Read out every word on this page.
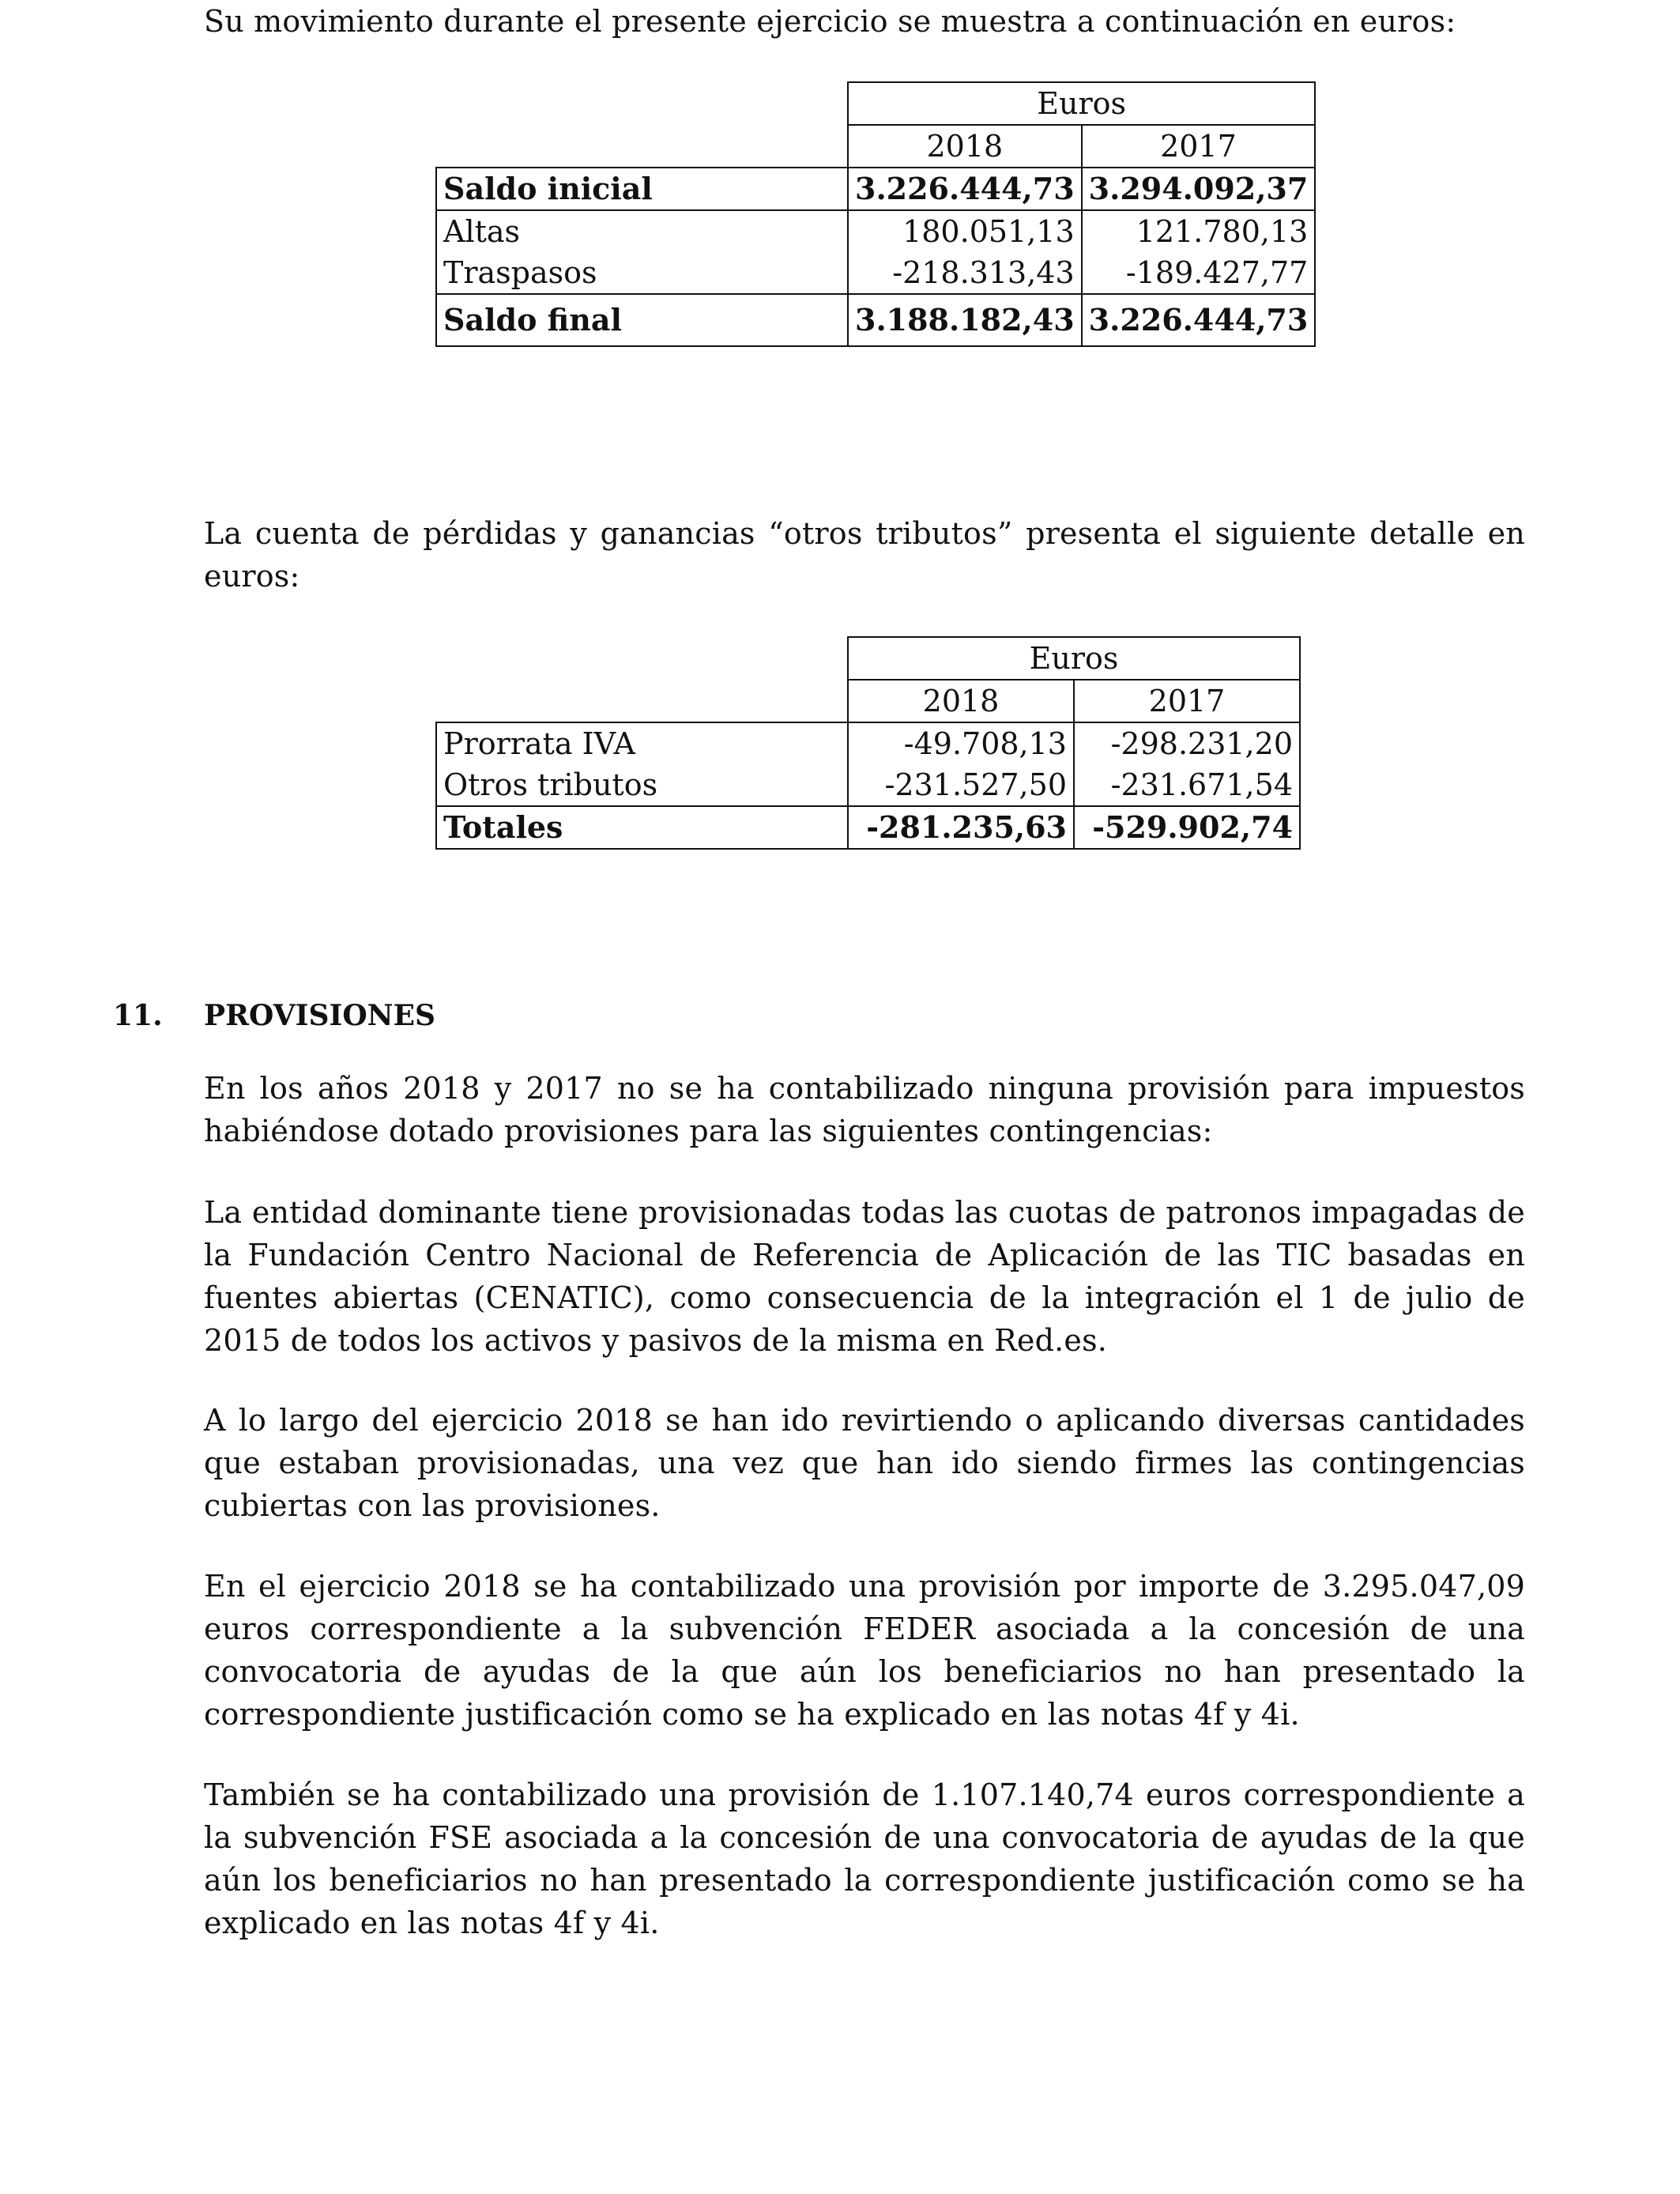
Su movimiento durante el presente ejercicio se muestra a continuación en euros:

	Euros	
	2018	2017
Saldo inicial	3.226.444,73	3.294.092,37
Altas	180.051,13	121.780,13
Traspasos	-218.313,43	-189.427,77
Saldo final	3.188.182,43	3.226.444,73

La cuenta de pérdidas y ganancias “otros tributos” presenta el siguiente detalle en euros:

	Euros	
	2018	2017
Prorrata IVA	-49.708,13	-298.231,20
Otros tributos	-231.527,50	-231.671,54
Totales	-281.235,63	-529.902,74
11. PROVISIONES

En los años 2018 y 2017 no se ha contabilizado ninguna provisión para impuestos habiéndose dotado provisiones para las siguientes contingencias:

La entidad dominante tiene provisionadas todas las cuotas de patronos impagadas de la Fundación Centro Nacional de Referencia de Aplicación de las TIC basadas en fuentes abiertas (CENATIC), como consecuencia de la integración el 1 de julio de 2015 de todos los activos y pasivos de la misma en Red.es.

A lo largo del ejercicio 2018 se han ido revirtiendo o aplicando diversas cantidades que estaban provisionadas, una vez que han ido siendo firmes las contingencias cubiertas con las provisiones.

En el ejercicio 2018 se ha contabilizado una provisión por importe de 3.295.047,09 euros correspondiente a la subvención FEDER asociada a la concesión de una convocatoria de ayudas de la que aún los beneficiarios no han presentado la correspondiente justificación como se ha explicado en las notas 4f y 4i.

También se ha contabilizado una provisión de 1.107.140,74 euros correspondiente a la subvención FSE asociada a la concesión de una convocatoria de ayudas de la que aún los beneficiarios no han presentado la correspondiente justificación como se ha explicado en las notas 4f y 4i.
